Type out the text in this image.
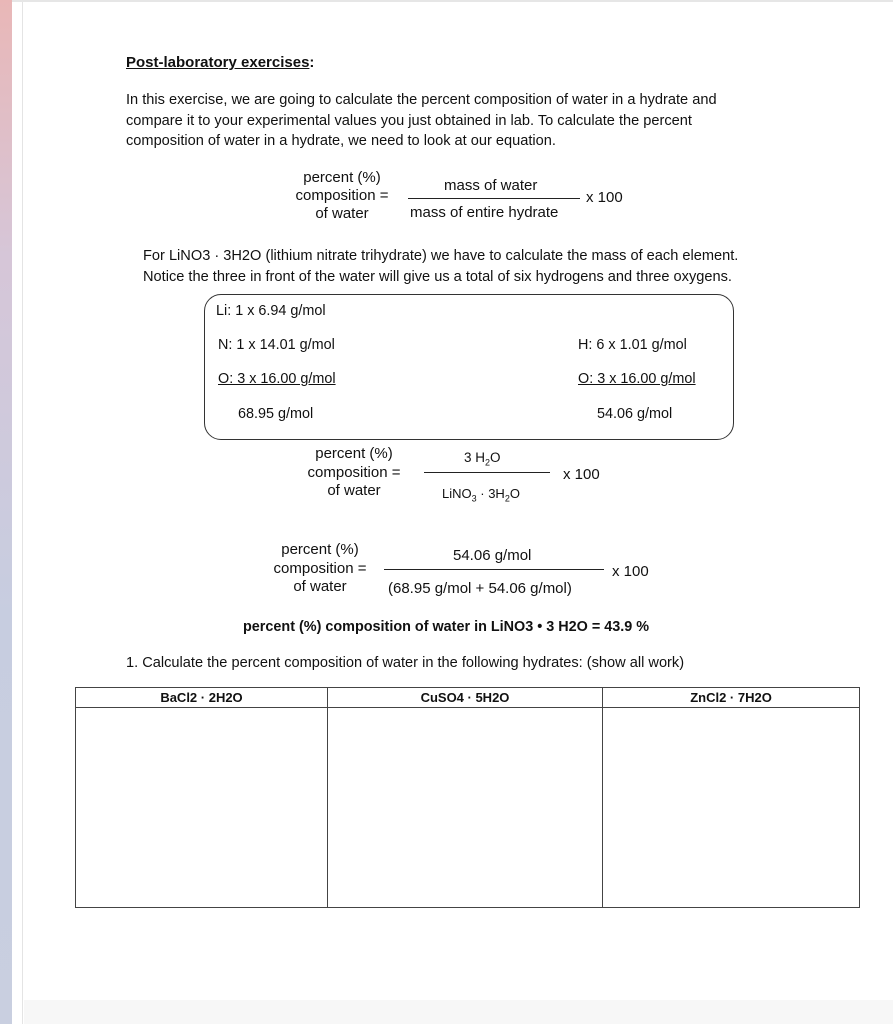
Post-laboratory exercises:
In this exercise, we are going to calculate the percent composition of water in a hydrate and compare it to your experimental values you just obtained in lab. To calculate the percent composition of water in a hydrate, we need to look at our equation.
percent (%)
composition =
of water
mass of water
mass of entire hydrate
x 100
For LiNO3 · 3H2O (lithium nitrate trihydrate) we have to calculate the mass of each element.
Notice the three in front of the water will give us a total of six hydrogens and three oxygens.
Li: 1 x 6.94 g/mol
N: 1 x 14.01 g/mol
O: 3 x 16.00 g/mol
68.95 g/mol
H: 6 x 1.01 g/mol
O: 3 x 16.00 g/mol
54.06 g/mol
percent (%)
composition =
of water
3 $H_2O$
LiNO$_3$ · $3H_2O$
x 100
percent (%)
composition =
of water
54.06 g/mol
(68.95 g/mol + 54.06 g/mol)
x 100
percent (%) composition of water in LiNO3 • 3 H2O = 43.9 %
1. Calculate the percent composition of water in the following hydrates: (show all work)
BaCl2 · 2H2O	CuSO4 · 5H2O	ZnCl2 · 7H2O
